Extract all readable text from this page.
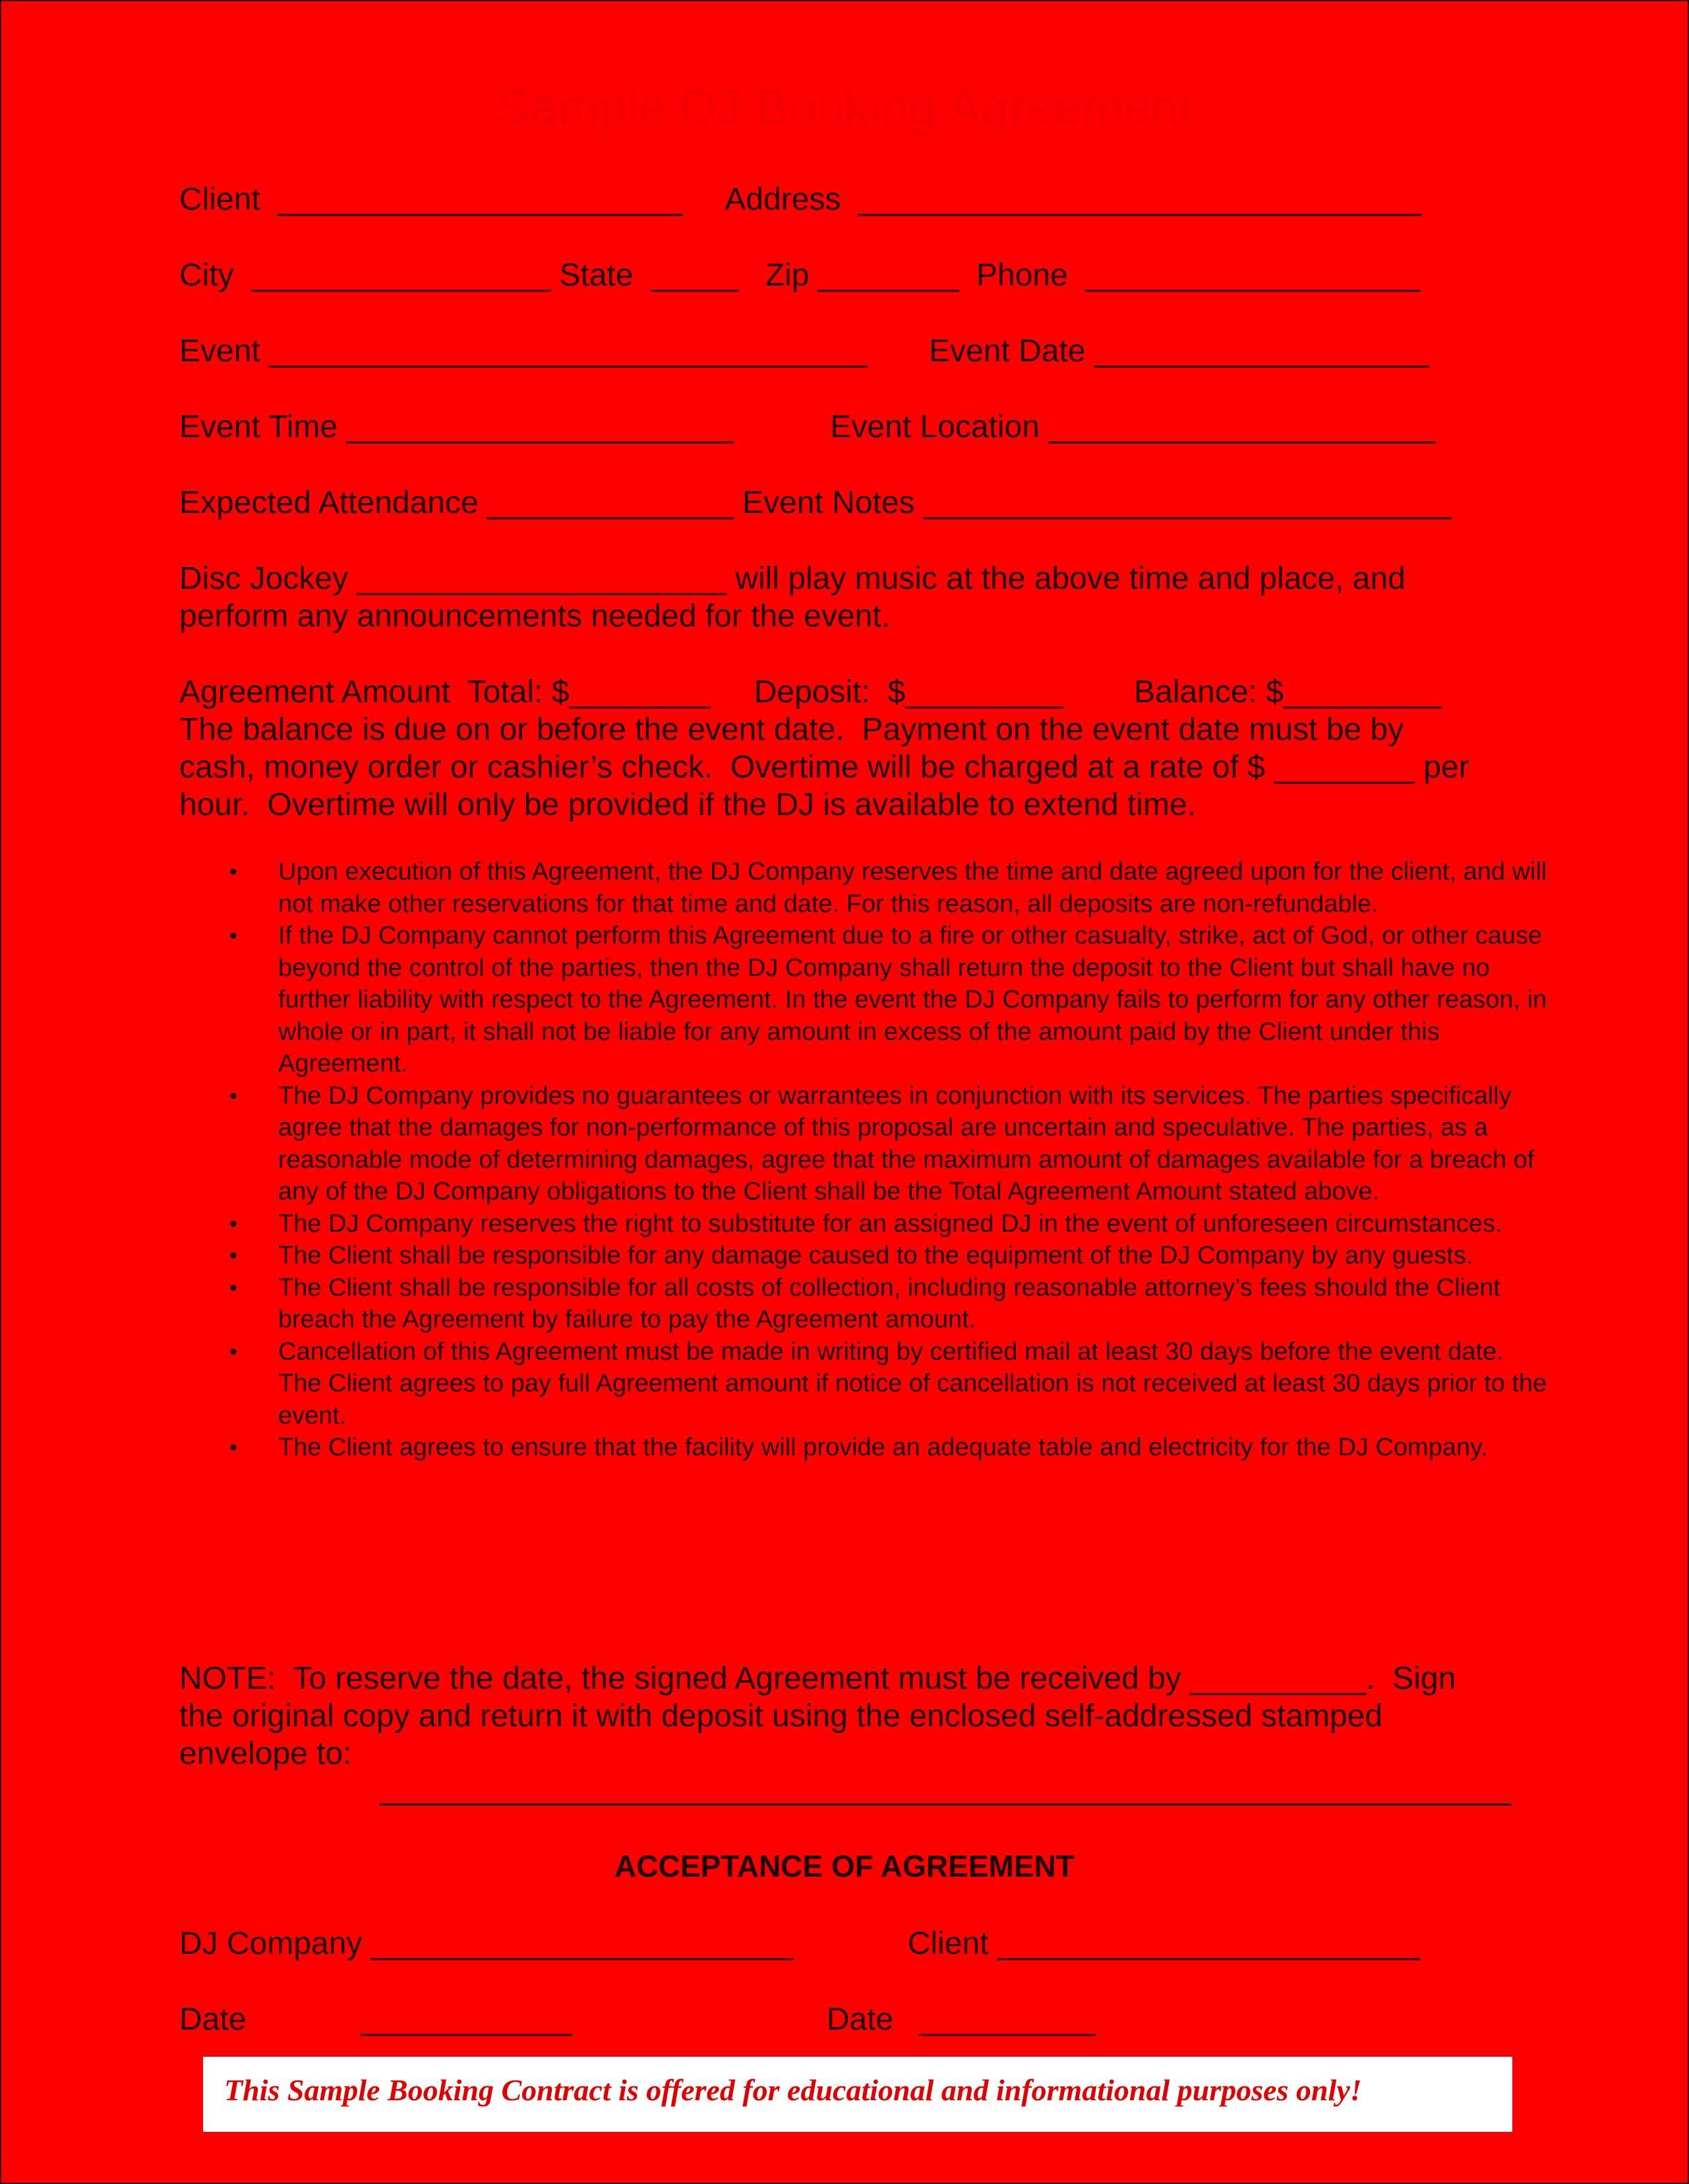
Sample DJ Booking Agreement
Client  _______________________     Address  ________________________________
City  _________________ State  _____   Zip ________  Phone  ___________________
Event __________________________________       Event Date ___________________
Event Time ______________________           Event Location ______________________
Expected Attendance ______________ Event Notes ______________________________

Disc Jockey _____________________ will play music at the above time and place, and

perform any announcements needed for the event.

Agreement Amount  Total: $________     Deposit:  $_________        Balance: $_________

The balance is due on or before the event date.  Payment on the event date must be by

cash, money order or cashier’s check.  Overtime will be charged at a rate of $ ________ per

hour.  Overtime will only be provided if the DJ is available to extend time.

• Upon execution of this Agreement, the DJ Company reserves the time and date agreed upon for the client, and will not make other reservations for that time and date. For this reason, all deposits are non-refundable.
• If the DJ Company cannot perform this Agreement due to a fire or other casualty, strike, act of God, or other cause beyond the control of the parties, then the DJ Company shall return the deposit to the Client but shall have no further liability with respect to the Agreement. In the event the DJ Company fails to perform for any other reason, in whole or in part, it shall not be liable for any amount in excess of the amount paid by the Client under this Agreement.
• The DJ Company provides no guarantees or warrantees in conjunction with its services. The parties specifically agree that the damages for non-performance of this proposal are uncertain and speculative. The parties, as a reasonable mode of determining damages, agree that the maximum amount of damages available for a breach of any of the DJ Company obligations to the Client shall be the Total Agreement Amount stated above.
• The DJ Company reserves the right to substitute for an assigned DJ in the event of unforeseen circumstances.
• The Client shall be responsible for any damage caused to the equipment of the DJ Company by any guests.
• The Client shall be responsible for all costs of collection, including reasonable attorney’s fees should the Client breach the Agreement by failure to pay the Agreement amount.
• Cancellation of this Agreement must be made in writing by certified mail at least 30 days before the event date. The Client agrees to pay full Agreement amount if notice of cancellation is not received at least 30 days prior to the event.
• The Client agrees to ensure that the facility will provide an adequate table and electricity for the DJ Company.

NOTE:  To reserve the date, the signed Agreement must be received by __________.  Sign

the original copy and return it with deposit using the enclosed self-addressed stamped

envelope to:

ACCEPTANCE OF AGREEMENT
DJ Company ________________________             Client ________________________
Date             ____________                             Date   __________
This Sample Booking Contract is offered for educational and informational purposes only!
